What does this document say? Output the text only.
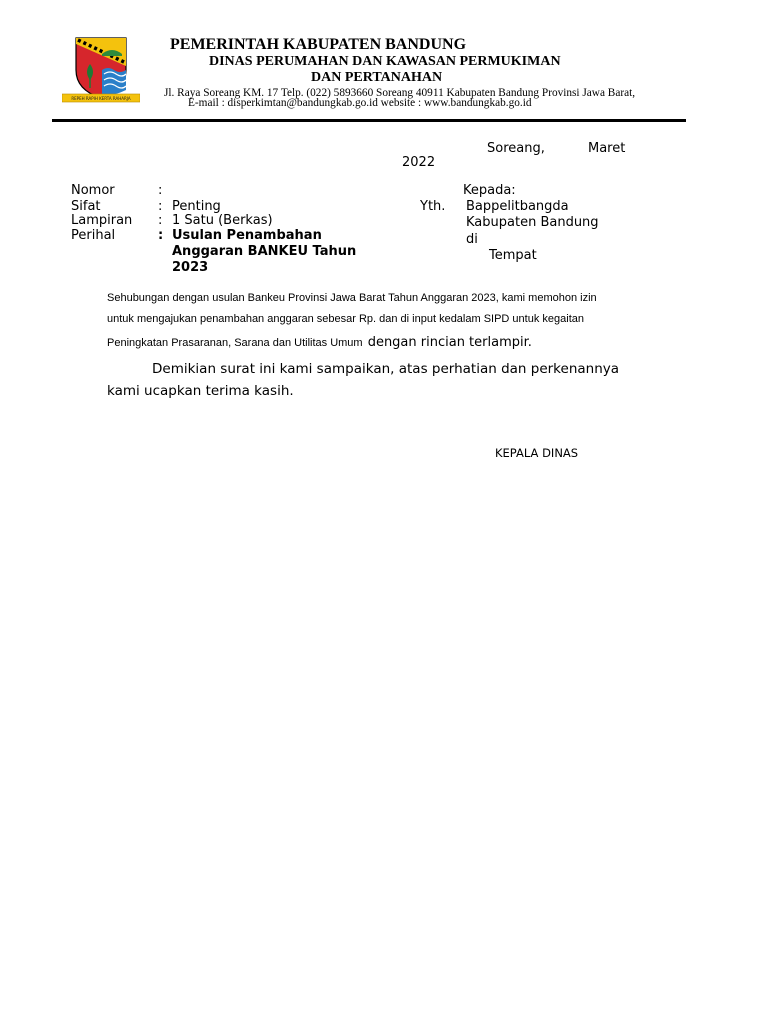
REPEH RAPIH KERTA RAHARJA
PEMERINTAH KABUPATEN BANDUNG
DINAS PERUMAHAN DAN KAWASAN PERMUKIMAN
DAN PERTANAHAN
Jl. Raya Soreang KM. 17 Telp. (022) 5893660 Soreang 40911 Kabupaten Bandung Provinsi Jawa Barat,
E-mail : disperkimtan@bandungkab.go.id website : www.bandungkab.go.id
Soreang,	Maret
2022
Nomor	:
Sifat	: Penting
Lampiran : 1 Satu (Berkas)
Perihal	: Usulan Penambahan
Anggaran BANKEU Tahun
2023
Kepada:
Yth. Bappelitbangda
Kabupaten Bandung
di
Tempat
Sehubungan dengan usulan Bankeu Provinsi Jawa Barat Tahun Anggaran 2023, kami memohon izin
untuk mengajukan penambahan anggaran sebesar Rp. dan di input kedalam SIPD untuk kegaitan
Peningkatan Prasaranan, Sarana dan Utilitas Umum dengan rincian terlampir.
Demikian surat ini kami sampaikan, atas perhatian dan perkenannya
kami ucapkan terima kasih.
KEPALA DINAS
